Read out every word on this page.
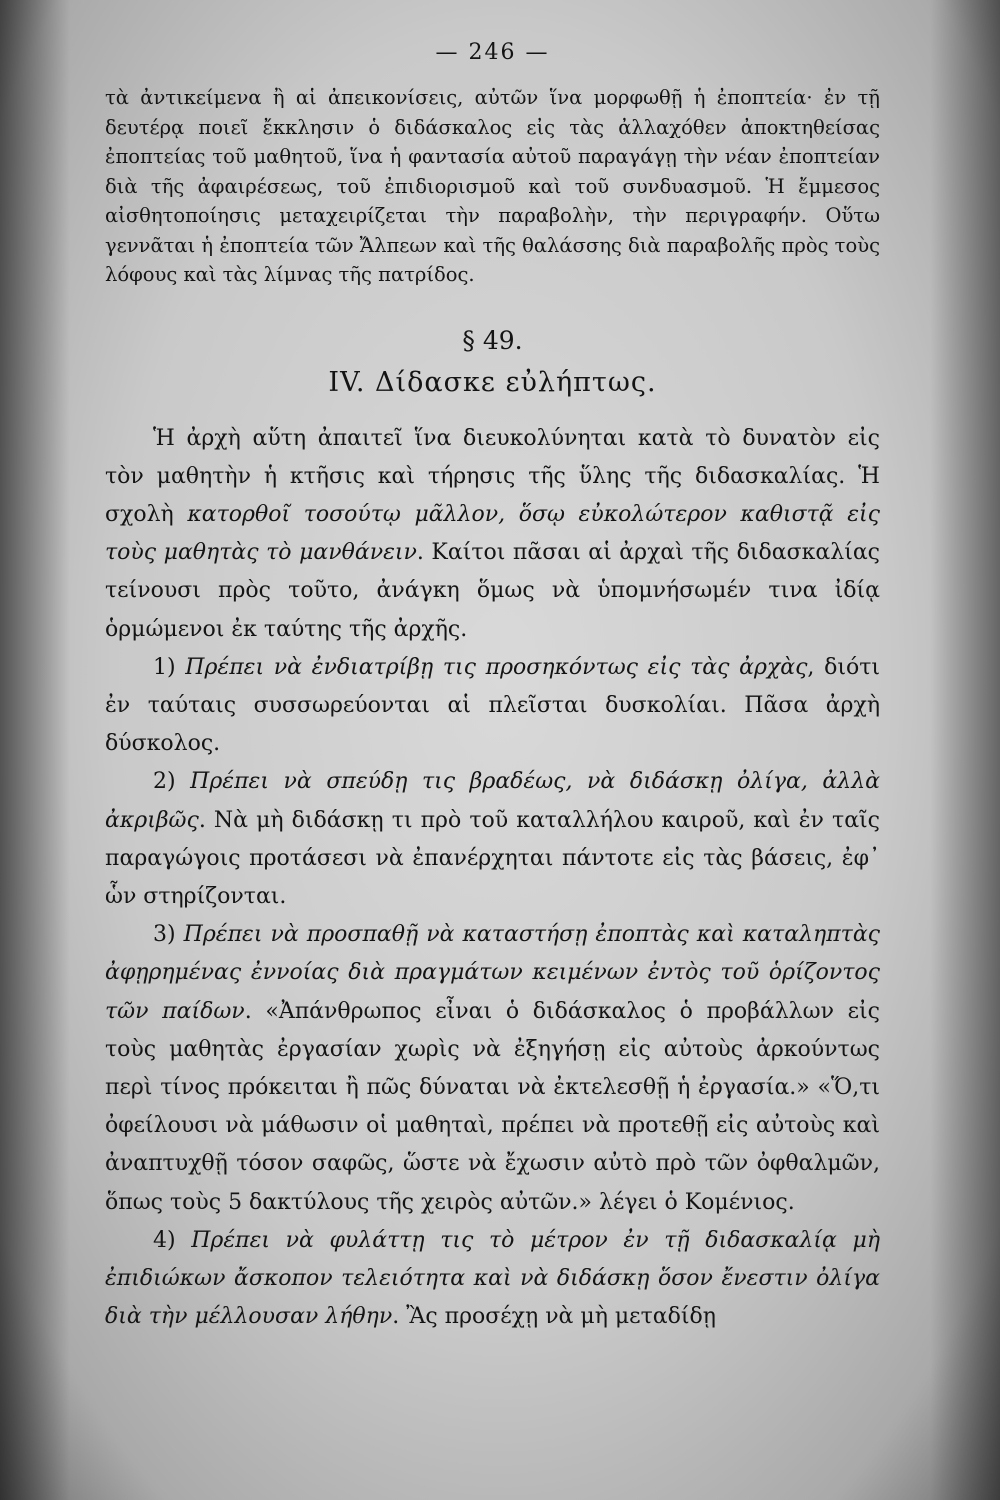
— 246 —

τὰ ἀντικείμενα ἢ αἱ ἀπεικονίσεις, αὐτῶν ἵνα μορφωθῇ ἡ ἐποπτεία· ἐν τῇ δευτέρᾳ ποιεῖ ἔκκλησιν ὁ διδάσκαλος εἰς τὰς ἀλλαχόθεν ἀποκτηθείσας ἐποπτείας τοῦ μαθητοῦ, ἵνα ἡ φαντασία αὐτοῦ παραγάγῃ τὴν νέαν ἐποπτείαν διὰ τῆς ἀφαιρέσεως, τοῦ ἐπιδιορισμοῦ καὶ τοῦ συνδυασμοῦ. Ἡ ἔμμεσος αἰσθητοποίησις μεταχειρίζεται τὴν παραβολὴν, τὴν περιγραφήν. Οὕτω γεννᾶται ἡ ἐποπτεία τῶν Ἄλπεων καὶ τῆς θαλάσσης διὰ παραβολῆς πρὸς τοὺς λόφους καὶ τὰς λίμνας τῆς πατρίδος.

§ 49.
IV. Δίδασκε εὐλήπτως.

Ἡ ἀρχὴ αὕτη ἀπαιτεῖ ἵνα διευκολύνηται κατὰ τὸ δυνατὸν εἰς τὸν μαθητὴν ἡ κτῆσις καὶ τήρησις τῆς ὕλης τῆς διδασκαλίας. Ἡ σχολὴ κατορθοῖ τοσούτῳ μᾶλλον, ὅσῳ εὐκολώτερον καθιστᾷ εἰς τοὺς μαθητὰς τὸ μανθάνειν. Καίτοι πᾶσαι αἱ ἀρχαὶ τῆς διδασκαλίας τείνουσι πρὸς τοῦτο, ἀνάγκη ὅμως νὰ ὑπομνήσωμέν τινα ἰδίᾳ ὁρμώμενοι ἐκ ταύτης τῆς ἀρχῆς.

1) Πρέπει νὰ ἐνδιατρίβῃ τις προσηκόντως εἰς τὰς ἀρχὰς, διότι ἐν ταύταις συσσωρεύονται αἱ πλεῖσται δυσκολίαι. Πᾶσα ἀρχὴ δύσκολος.

2) Πρέπει νὰ σπεύδῃ τις βραδέως, νὰ διδάσκῃ ὀλίγα, ἀλλὰ ἀκριβῶς. Νὰ μὴ διδάσκῃ τι πρὸ τοῦ καταλλήλου καιροῦ, καὶ ἐν ταῖς παραγώγοις προτάσεσι νὰ ἐπανέρχηται πάντοτε εἰς τὰς βάσεις, ἐφ᾽ ὧν στηρίζονται.

3) Πρέπει νὰ προσπαθῇ νὰ καταστήσῃ ἐποπτὰς καὶ καταληπτὰς ἀφῃρημένας ἐννοίας διὰ πραγμάτων κειμένων ἐντὸς τοῦ ὁρίζοντος τῶν παίδων. «Ἀπάνθρωπος εἶναι ὁ διδάσκαλος ὁ προβάλλων εἰς τοὺς μαθητὰς ἐργασίαν χωρὶς νὰ ἐξηγήσῃ εἰς αὐτοὺς ἀρκούντως περὶ τίνος πρόκειται ἢ πῶς δύναται νὰ ἐκτελεσθῇ ἡ ἐργασία.» «Ὅ,τι ὀφείλουσι νὰ μάθωσιν οἱ μαθηταὶ, πρέπει νὰ προτεθῇ εἰς αὐτοὺς καὶ ἀναπτυχθῇ τόσον σαφῶς, ὥστε νὰ ἔχωσιν αὐτὸ πρὸ τῶν ὀφθαλμῶν, ὅπως τοὺς 5 δακτύλους τῆς χειρὸς αὐτῶν.» λέγει ὁ Κομένιος.

4) Πρέπει νὰ φυλάττῃ τις τὸ μέτρον ἐν τῇ διδασκαλίᾳ μὴ ἐπιδιώκων ἄσκοπον τελειότητα καὶ νὰ διδάσκῃ ὅσον ἔνεστιν ὀλίγα διὰ τὴν μέλλουσαν λήθην. Ἂς προσέχῃ νὰ μὴ μεταδίδῃ
